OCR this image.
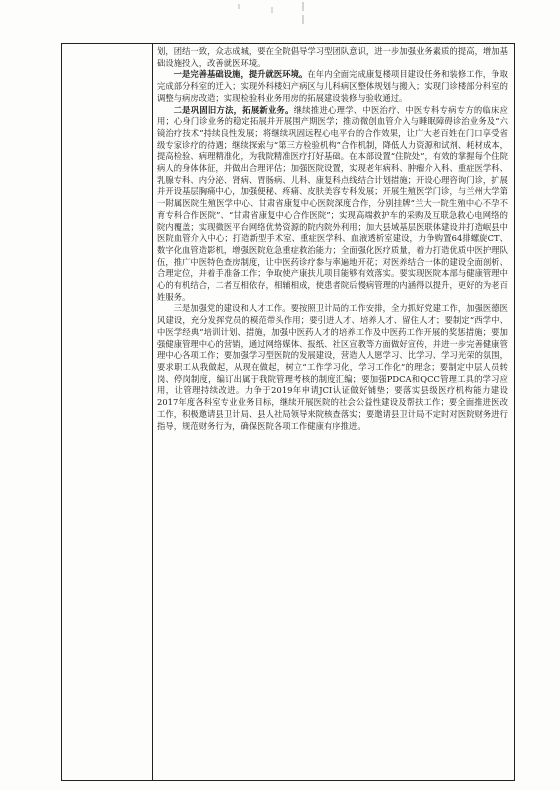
划，团结一致，众志成城，要在全院倡导学习型团队意识，进一步加强业务素质的提高，增加基础设施投入，改善就医环境。

一是完善基础设施，提升就医环境。在年内全面完成康复楼项目建设任务和装修工作，争取完成部分科室的迁入；实现外科楼妇产病区与儿科病区整体规划与搬入；实现门诊楼部分科室的调整与病房改造；实现检验科业务用房的拓展建设装修与验收通过。

二是巩固旧方法，拓展新业务。继续推进心理学、中医治疗、中医专科专病专方的临床应用；心身门诊业务的稳定拓展并开展围产期医学；推动微创血管介入与睡眠障碍诊治业务及“六镜治疗技术”持续良性发展；将继续巩固远程心电平台的合作效果，让广大老百姓在门口享受省级专家诊疗的待遇；继续探索与“第三方检验机构”合作机制，降低人力资源和试剂、耗材成本，提高检验、病理精准化，为我院精准医疗打好基础。在本部设置“住院处”，有效的掌握每个住院病人的身体体征，并做出合理评估；加强医院设置，实现老年病科、肿瘤介入科、重症医学科、乳腺专科、内分泌、肾病、胃肠病、儿科、康复科点线结合计划措施；开设心理咨询门诊，扩展并开设基层胸痛中心，加强便秘、疼痛、皮肤美容专科发展；开展生殖医学门诊，与兰州大学第一附属医院生殖医学中心、甘肃省康复中心医院深度合作，分别挂牌“兰大一院生殖中心不孕不育专科合作医院”、“甘肃省康复中心合作医院”；实现高端救护车的采购及互联急救心电网络的院内覆盖；实现微医平台网络优势资源的院内院外利用；加大县域基层医联体建设并打造岷县中医院血管介入中心；打造新型手术室、重症医学科、血液透析室建设，力争购置64排螺旋CT、数字化血管造影机，增强医院危急重症救治能力；全面强化医疗质量，着力打造优质中医护理队伍，推广中医特色查房制度，让中医药诊疗参与率遍地开花；对医养结合一体的建设全面剖析、合理定位，并着手准备工作；争取使产康扶儿项目能够有效落实。要实现医院本部与健康管理中心的有机结合，二者互相依存，相辅相成，使患者院后慢病管理的内涵得以提升，更好的为老百姓服务。

三是加强党的建设和人才工作。要按照卫计局的工作安排，全力抓好党建工作，加强医德医风建设，充分发挥党员的模范带头作用；要引进人才、培养人才、留住人才；要制定“西学中、中医学经典”培训计划、措施，加强中医药人才的培养工作及中医药工作开展的奖惩措施；要加强健康管理中心的营销，通过网络媒体、报纸、社区宣教等方面做好宣传，并进一步完善健康管理中心各项工作；要加强学习型医院的发展建设，营造人人愿学习、比学习、学习光荣的氛围，要求职工从我做起，从现在做起，树立“工作学习化，学习工作化”的理念；要制定中层人员转岗、停岗制度，编订出属于我院管理考核的制度汇编；要加强PDCA和QCC管理工具的学习应用，让管理持续改进。力争于2019年申请JCI认证做好铺垫；要落实县级医疗机构能力建设2017年度各科室专业业务目标，继续开展医院的社会公益性建设及帮扶工作；要全面推进医改工作，积极邀请县卫计局、县人社局领导来院核查落实；要邀请县卫计局不定时对医院财务进行指导，规范财务行为，确保医院各项工作健康有序推进。
